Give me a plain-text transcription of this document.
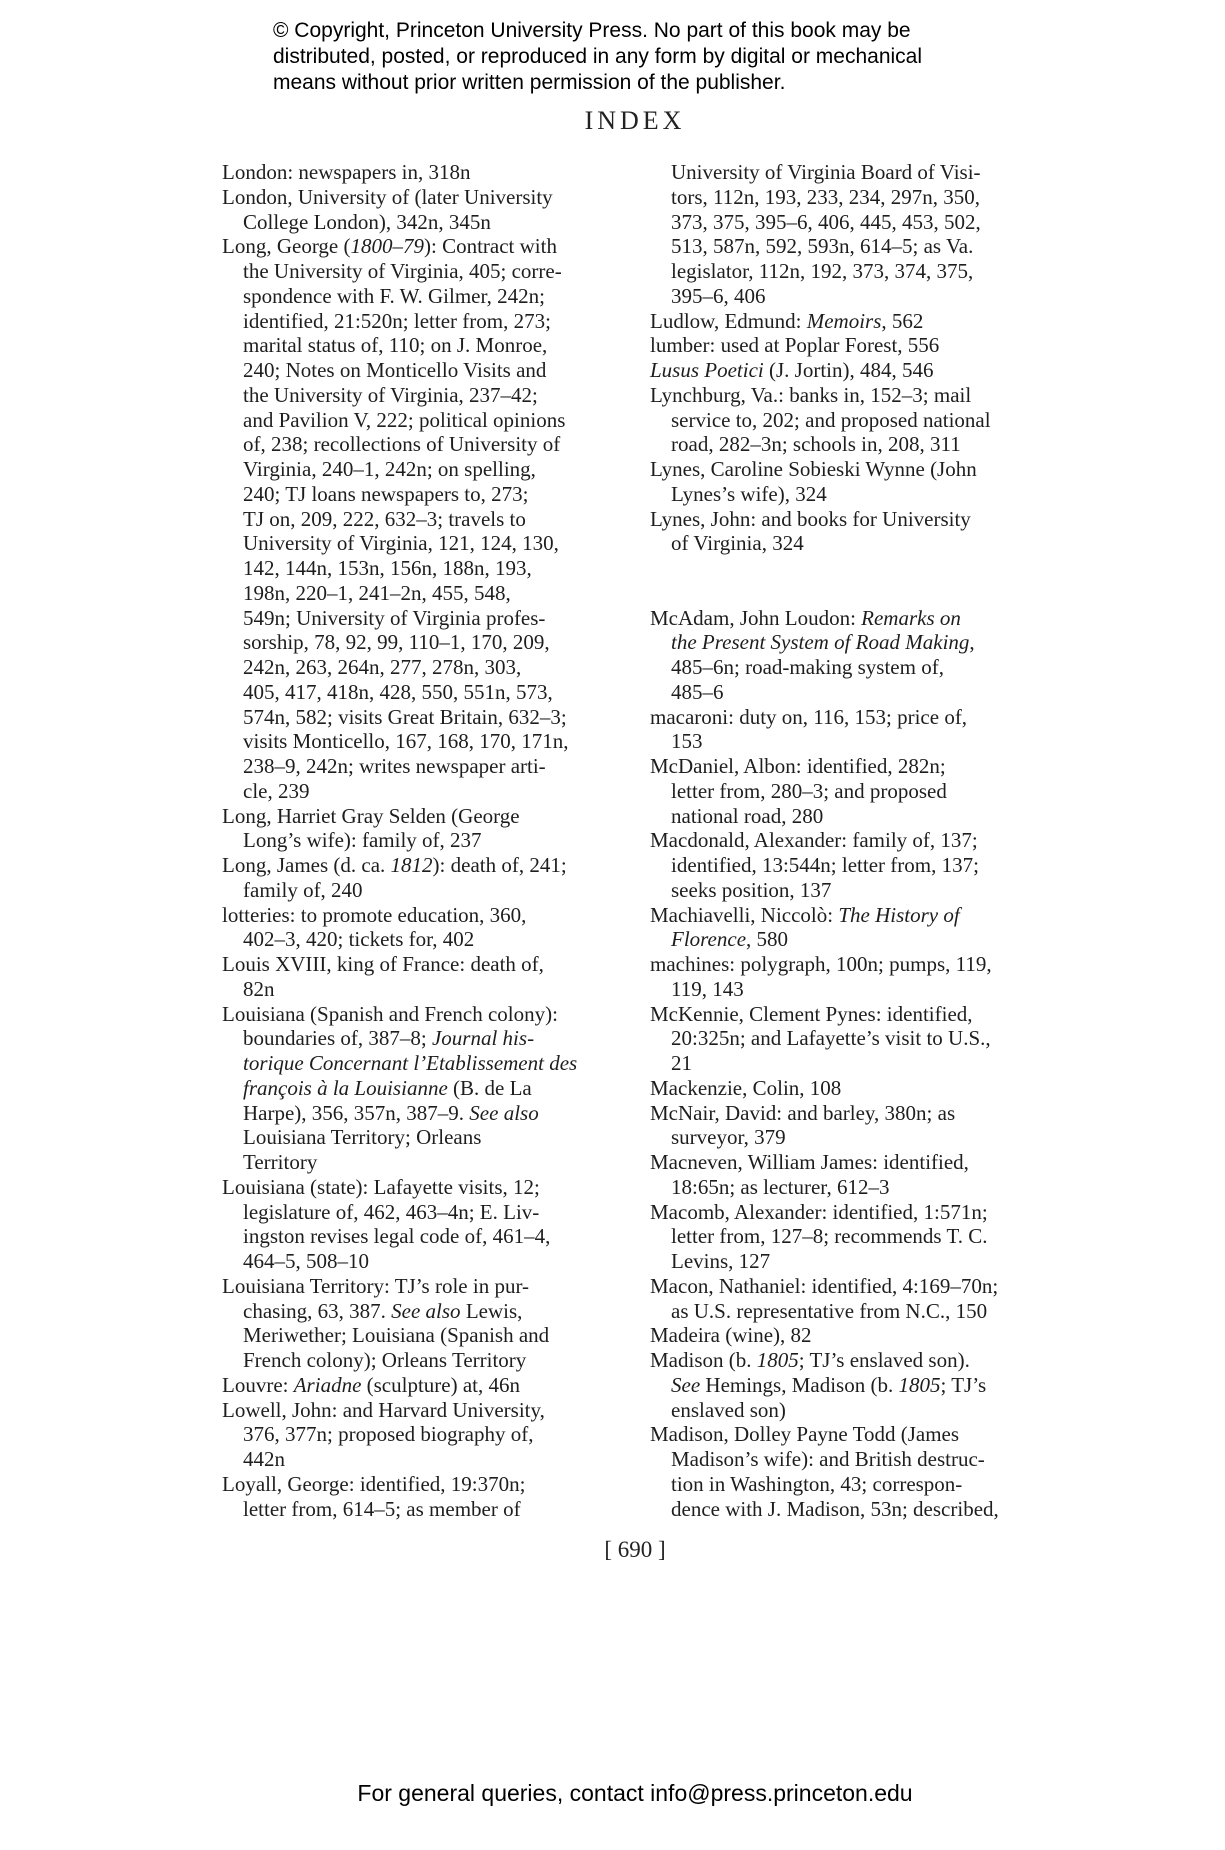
© Copyright, Princeton University Press. No part of this book may be
distributed, posted, or reproduced in any form by digital or mechanical
means without prior written permission of the publisher.
INDEX
London: newspapers in, 318n
London, University of (later University
College London), 342n, 345n
Long, George (1800–79): Contract with
the University of Virginia, 405; corre-
spondence with F. W. Gilmer, 242n;
identified, 21:520n; letter from, 273;
marital status of, 110; on J. Monroe,
240; Notes on Monticello Visits and
the University of Virginia, 237–42;
and Pavilion V, 222; political opinions
of, 238; recollections of University of
Virginia, 240–1, 242n; on spelling,
240; TJ loans newspapers to, 273;
TJ on, 209, 222, 632–3; travels to
University of Virginia, 121, 124, 130,
142, 144n, 153n, 156n, 188n, 193,
198n, 220–1, 241–2n, 455, 548,
549n; University of Virginia profes-
sorship, 78, 92, 99, 110–1, 170, 209,
242n, 263, 264n, 277, 278n, 303,
405, 417, 418n, 428, 550, 551n, 573,
574n, 582; visits Great Britain, 632–3;
visits Monticello, 167, 168, 170, 171n,
238–9, 242n; writes newspaper arti-
cle, 239
Long, Harriet Gray Selden (George
Long’s wife): family of, 237
Long, James (d. ca. 1812): death of, 241;
family of, 240
lotteries: to promote education, 360,
402–3, 420; tickets for, 402
Louis XVIII, king of France: death of,
82n
Louisiana (Spanish and French colony):
boundaries of, 387–8; Journal his-
torique Concernant l’Etablissement des
françois à la Louisianne (B. de La
Harpe), 356, 357n, 387–9. See also
Louisiana Territory; Orleans
Territory
Louisiana (state): Lafayette visits, 12;
legislature of, 462, 463–4n; E. Liv-
ingston revises legal code of, 461–4,
464–5, 508–10
Louisiana Territory: TJ’s role in pur-
chasing, 63, 387. See also Lewis,
Meriwether; Louisiana (Spanish and
French colony); Orleans Territory
Louvre: Ariadne (sculpture) at, 46n
Lowell, John: and Harvard University,
376, 377n; proposed biography of,
442n
Loyall, George: identified, 19:370n;
letter from, 614–5; as member of
University of Virginia Board of Visi-
tors, 112n, 193, 233, 234, 297n, 350,
373, 375, 395–6, 406, 445, 453, 502,
513, 587n, 592, 593n, 614–5; as Va.
legislator, 112n, 192, 373, 374, 375,
395–6, 406
Ludlow, Edmund: Memoirs, 562
lumber: used at Poplar Forest, 556
Lusus Poetici (J. Jortin), 484, 546
Lynchburg, Va.: banks in, 152–3; mail
service to, 202; and proposed national
road, 282–3n; schools in, 208, 311
Lynes, Caroline Sobieski Wynne (John
Lynes’s wife), 324
Lynes, John: and books for University
of Virginia, 324
McAdam, John Loudon: Remarks on
the Present System of Road Making,
485–6n; road-making system of,
485–6
macaroni: duty on, 116, 153; price of,
153
McDaniel, Albon: identified, 282n;
letter from, 280–3; and proposed
national road, 280
Macdonald, Alexander: family of, 137;
identified, 13:544n; letter from, 137;
seeks position, 137
Machiavelli, Niccolò: The History of
Florence, 580
machines: polygraph, 100n; pumps, 119,
119, 143
McKennie, Clement Pynes: identified,
20:325n; and Lafayette’s visit to U.S.,
21
Mackenzie, Colin, 108
McNair, David: and barley, 380n; as
surveyor, 379
Macneven, William James: identified,
18:65n; as lecturer, 612–3
Macomb, Alexander: identified, 1:571n;
letter from, 127–8; recommends T. C.
Levins, 127
Macon, Nathaniel: identified, 4:169–70n;
as U.S. representative from N.C., 150
Madeira (wine), 82
Madison (b. 1805; TJ’s enslaved son).
See Hemings, Madison (b. 1805; TJ’s
enslaved son)
Madison, Dolley Payne Todd (James
Madison’s wife): and British destruc-
tion in Washington, 43; correspon-
dence with J. Madison, 53n; described,
[ 690 ]
For general queries, contact info@press.princeton.edu
